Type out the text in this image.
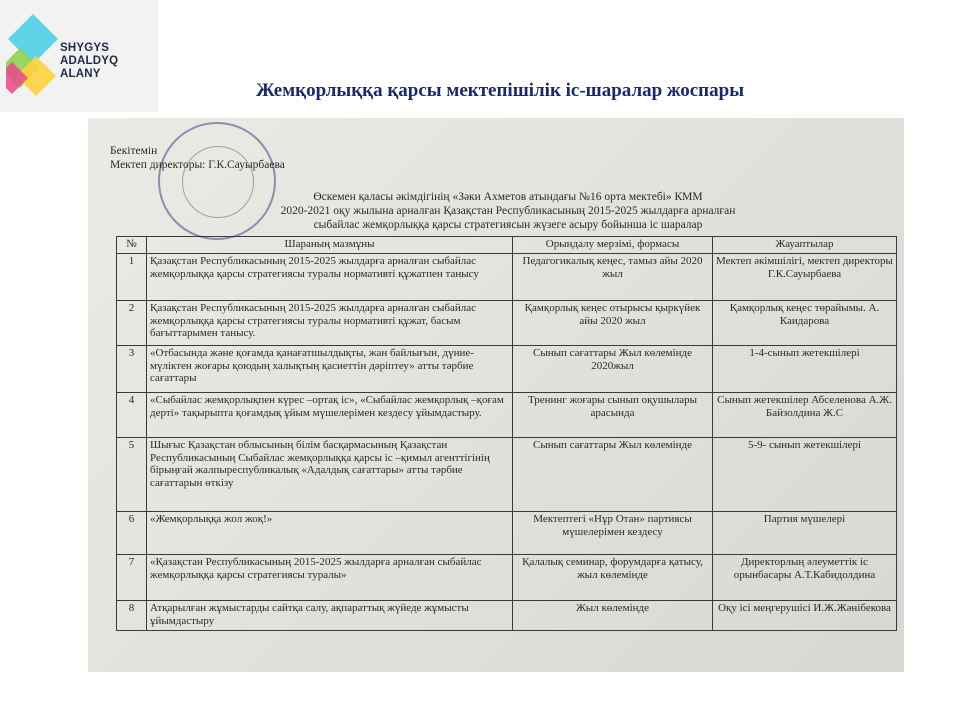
SHYGYS
ADALDYQ ALANY
Жемқорлыққа қарсы мектепішілік іс-шаралар жоспары
Бекітемін
Мектеп директоры: Г.К.Сауырбаева
Өскемен қаласы әкімдігінің «Зәки Ахметов атындағы №16 орта мектебі» КММ
2020-2021 оқу жылына арналған Қазақстан Республикасының 2015-2025 жылдарға арналған
сыбайлас жемқорлыққа қарсы стратегиясын жүзеге асыру бойынша іс шаралар
№	Шараның мазмұны	Орындалу мерзімі, формасы	Жауаптылар
1	Қазақстан Республикасының 2015-2025 жылдарға арналған сыбайлас жемқорлыққа қарсы стратегиясы туралы нормативті құжатпен танысу	Педагогикалық кеңес, тамыз айы 2020 жыл	Мектеп әкімшілігі, мектеп директоры Г.К.Сауырбаева
2	Қазақстан Республикасының 2015-2025 жылдарға арналған сыбайлас жемқорлыққа қарсы стратегиясы туралы нормативті құжат, басым бағыттарымен танысу.	Қамқорлық кеңес отырысы қыркүйек айы 2020 жыл	Қамқорлық кеңес төрайымы. А. Каидарова
3	«Отбасында және қоғамда қанағатшылдықты, жан байлығын, дүние-мүліктен жоғары қоюдың халықтың қасиеттін дәріптеу» атты тәрбие сағаттары	Сынып сағаттары Жыл көлемінде 2020жыл	1-4-сынып жетекшілері
4	«Сыбайлас жемқорлықпен күрес –ортақ іс», «Сыбайлас жемқорлық –қоғам дерті» тақырыпта қоғамдық ұйым мүшелерімен кездесу ұйымдастыру.	Тренинг жоғары сынып оқушылары арасында	Сынып жетекшілер Абселенова А.Ж. Байзолдина Ж.С
5	Шығыс Қазақстан облысының білім басқармасының Қазақстан Республикасының Сыбайлас жемқорлыққа қарсы іс –қимыл агенттігінің бірыңғай жалпыреспубликалық «Адалдық сағаттары» атты тәрбие сағаттарын өткізу	Сынып сағаттары Жыл көлемінде	5-9- сынып жетекшілері
6	«Жемқорлыққа жол жоқ!»	Мектептегі «Нұр Отан» партиясы мүшелерімен кездесу	Партия мүшелері
7	«Қазақстан Республикасының 2015-2025 жылдарға арналған сыбайлас жемқорлыққа қарсы стратегиясы туралы»	Қалалық семинар, форумдарға қатысу, жыл көлемінде	Директорлың әлеуметтік іс орынбасары А.Т.Кабидолдина
8	Атқарылған жұмыстарды сайтқа салу, ақпараттық жүйеде жұмысты ұйымдастыру	Жыл көлемінде	Оқу ісі меңгерушісі И.Ж.Жәнібекова
